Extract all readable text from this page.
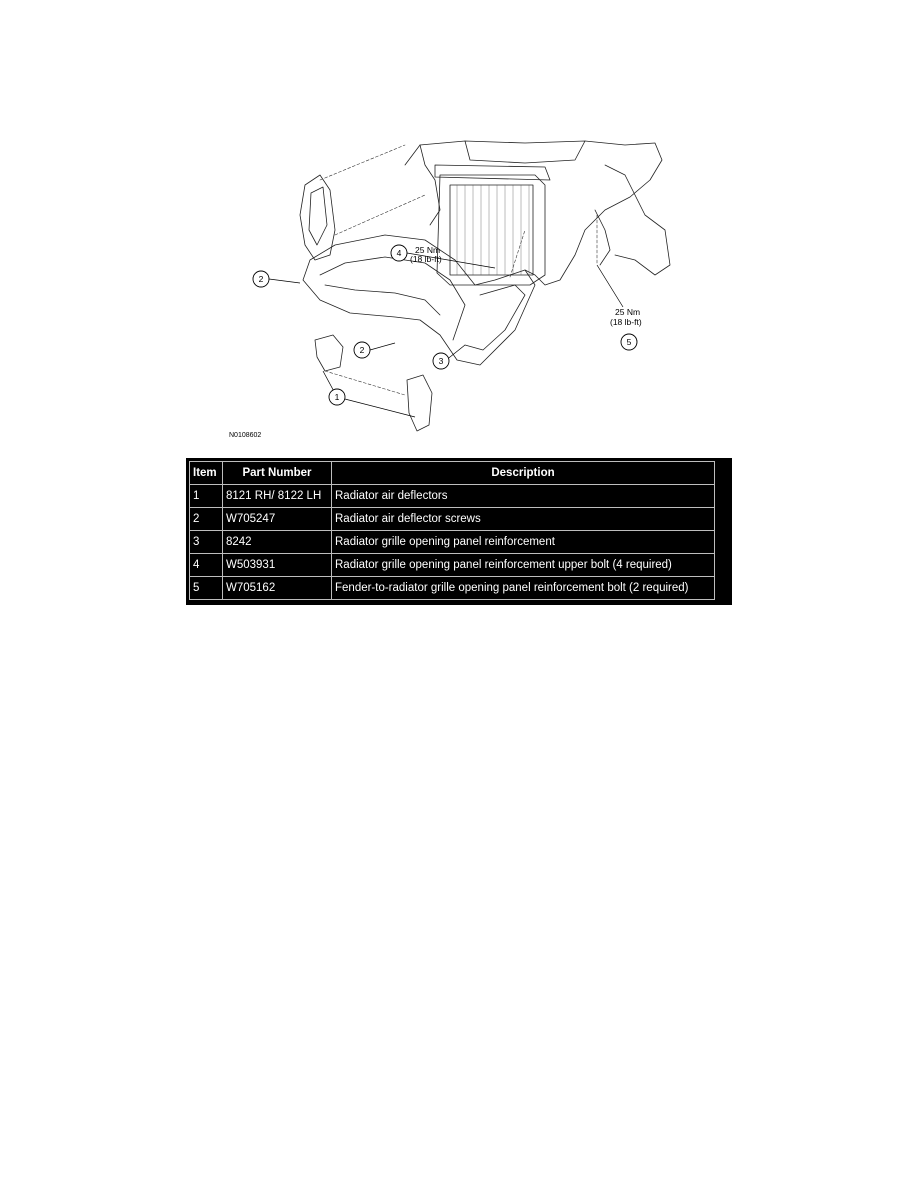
1
2
2
3
4
5
25 Nm
(18 lb-ft)
25 Nm
(18 lb-ft)
N0108602
Item	Part Number	Description
1	8121 RH/ 8122 LH	Radiator air deflectors
2	W705247	Radiator air deflector screws
3	8242	Radiator grille opening panel reinforcement
4	W503931	Radiator grille opening panel reinforcement upper bolt (4 required)
5	W705162	Fender-to-radiator grille opening panel reinforcement bolt (2 required)
